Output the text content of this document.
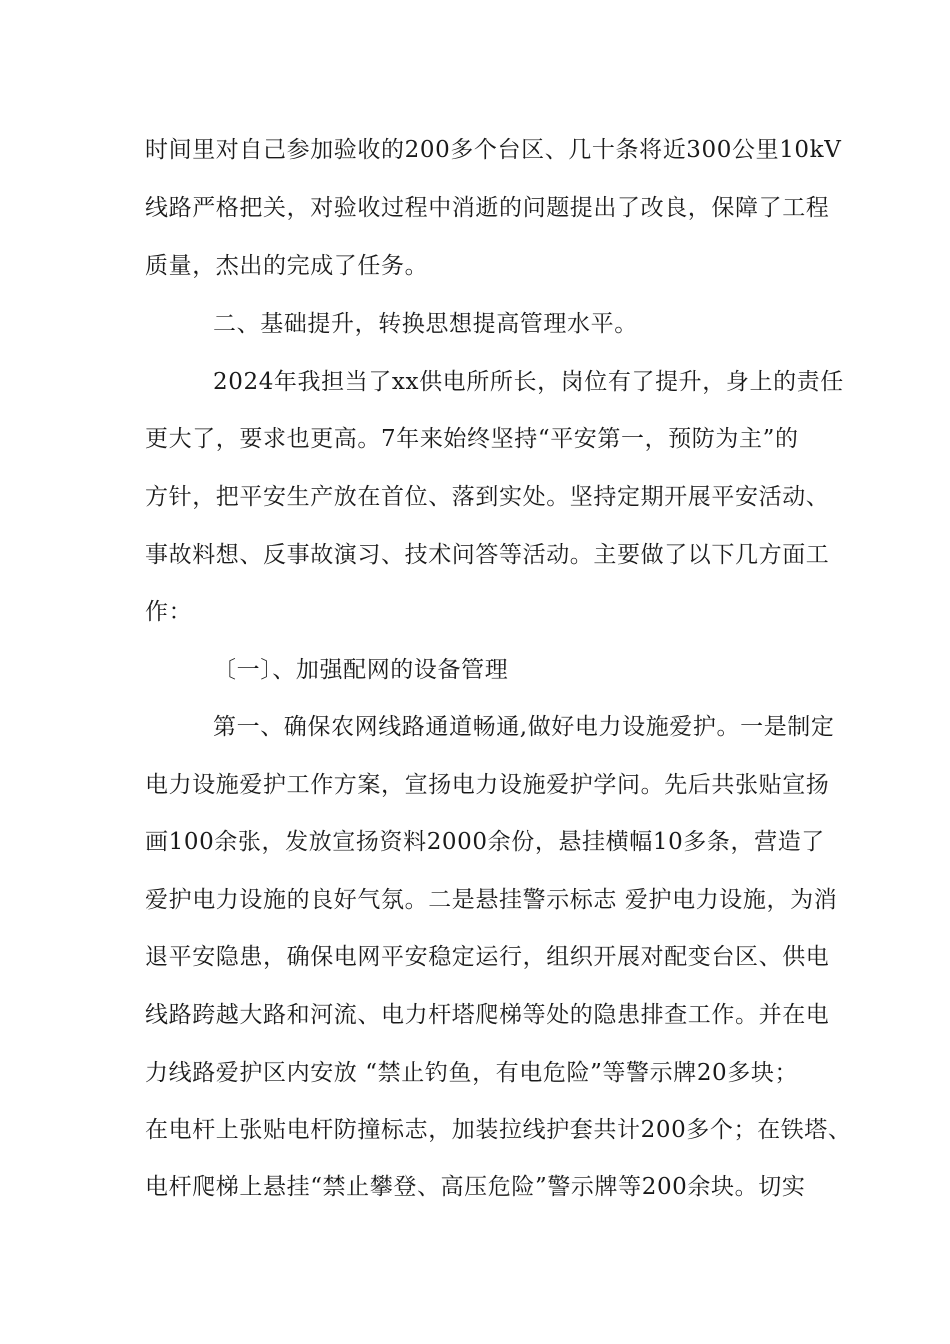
时间里对自己参加验收的200多个台区、几十条将近300公里10kV

线路严格把关，对验收过程中消逝的问题提出了改良，保障了工程

质量，杰出的完成了任务。

二、基础提升，转换思想提高管理水平。

2024年我担当了xx供电所所长，岗位有了提升，身上的责任

更大了，要求也更高。7年来始终坚持“平安第一，预防为主”的

方针，把平安生产放在首位、落到实处。坚持定期开展平安活动、

事故料想、反事故演习、技术问答等活动。主要做了以下几方面工

作：

〔一〕、加强配网的设备管理

第一、确保农网线路通道畅通,做好电力设施爱护。一是制定

电力设施爱护工作方案，宣扬电力设施爱护学问。先后共张贴宣扬

画100余张，发放宣扬资料2000余份，悬挂横幅10多条，营造了

爱护电力设施的良好气氛。二是悬挂警示标志 爱护电力设施，为消

退平安隐患，确保电网平安稳定运行，组织开展对配变台区、供电

线路跨越大路和河流、电力杆塔爬梯等处的隐患排查工作。并在电

力线路爱护区内安放 “禁止钓鱼，有电危险”等警示牌20多块；

在电杆上张贴电杆防撞标志，加装拉线护套共计200多个；在铁塔、

电杆爬梯上悬挂“禁止攀登、高压危险”警示牌等200余块。切实
